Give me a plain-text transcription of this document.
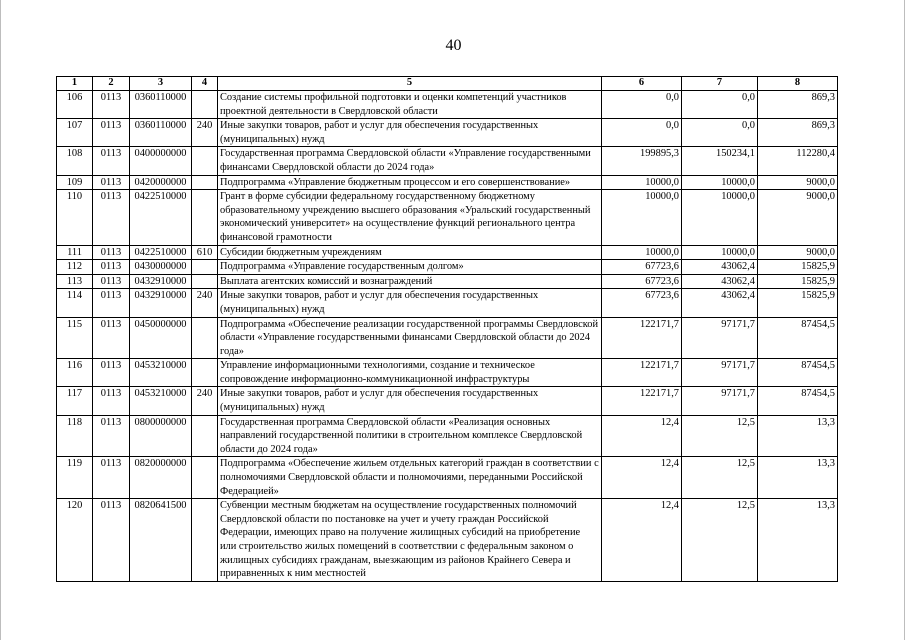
40
1	2	3	4	5	6	7	8
106	0113	0360110000		Создание системы профильной подготовки и оценки компетенций участников проектной деятельности в Свердловской области	0,0	0,0	869,3
107	0113	0360110000	240	Иные закупки товаров, работ и услуг для обеспечения государственных (муниципальных) нужд	0,0	0,0	869,3
108	0113	0400000000		Государственная программа Свердловской области «Управление государственными финансами Свердловской области до 2024 года»	199895,3	150234,1	112280,4
109	0113	0420000000		Подпрограмма «Управление бюджетным процессом и его совершенствование»	10000,0	10000,0	9000,0
110	0113	0422510000		Грант в форме субсидии федеральному государственному бюджетному образовательному учреждению высшего образования «Уральский государственный экономический университет» на осуществление функций регионального центра финансовой грамотности	10000,0	10000,0	9000,0
111	0113	0422510000	610	Субсидии бюджетным учреждениям	10000,0	10000,0	9000,0
112	0113	0430000000		Подпрограмма «Управление государственным долгом»	67723,6	43062,4	15825,9
113	0113	0432910000		Выплата агентских комиссий и вознаграждений	67723,6	43062,4	15825,9
114	0113	0432910000	240	Иные закупки товаров, работ и услуг для обеспечения государственных (муниципальных) нужд	67723,6	43062,4	15825,9
115	0113	0450000000		Подпрограмма «Обеспечение реализации государственной программы Свердловской области «Управление государственными финансами Свердловской области до 2024 года»	122171,7	97171,7	87454,5
116	0113	0453210000		Управление информационными технологиями, создание и техническое сопровождение информационно-коммуникационной инфраструктуры	122171,7	97171,7	87454,5
117	0113	0453210000	240	Иные закупки товаров, работ и услуг для обеспечения государственных (муниципальных) нужд	122171,7	97171,7	87454,5
118	0113	0800000000		Государственная программа Свердловской области «Реализация основных направлений государственной политики в строительном комплексе Свердловской области до 2024 года»	12,4	12,5	13,3
119	0113	0820000000		Подпрограмма «Обеспечение жильем отдельных категорий граждан в соответствии с полномочиями Свердловской области и полномочиями, переданными Российской Федерацией»	12,4	12,5	13,3
120	0113	0820641500		Субвенции местным бюджетам на осуществление государственных полномочий Свердловской области по постановке на учет и учету граждан Российской Федерации, имеющих право на получение жилищных субсидий на приобретение или строительство жилых помещений в соответствии с федеральным законом о жилищных субсидиях гражданам, выезжающим из районов Крайнего Севера и приравненных к ним местностей	12,4	12,5	13,3
